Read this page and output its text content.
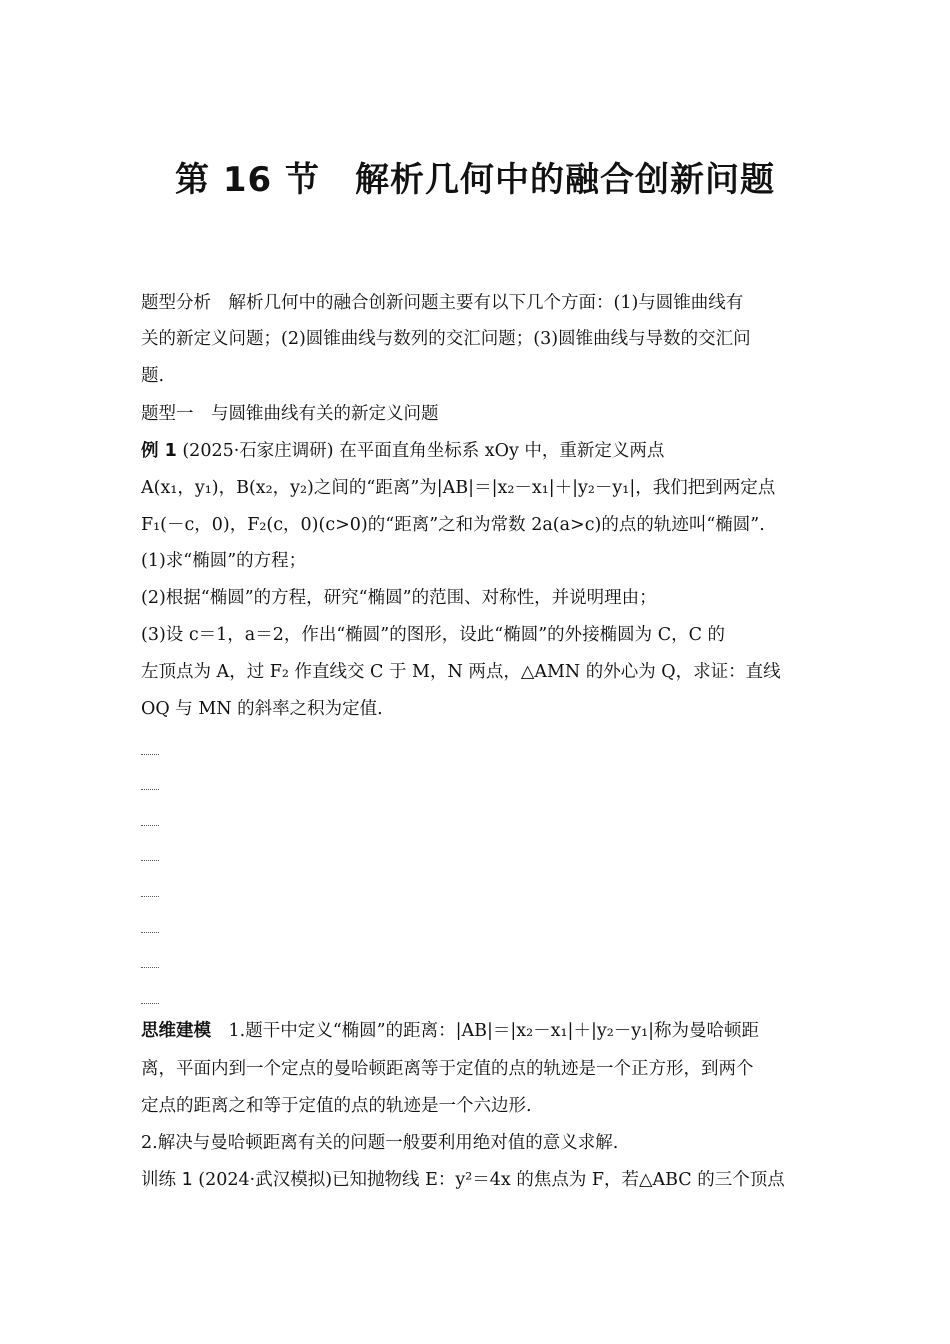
第 16 节　解析几何中的融合创新问题
题型分析　解析几何中的融合创新问题主要有以下几个方面：(1)与圆锥曲线有
关的新定义问题；(2)圆锥曲线与数列的交汇问题；(3)圆锥曲线与导数的交汇问
题.
题型一　与圆锥曲线有关的新定义问题
例 1 (2025·石家庄调研) 在平面直角坐标系 xOy 中，重新定义两点
A(x₁，y₁)，B(x₂，y₂)之间的“距离”为|AB|＝|x₂－x₁|＋|y₂－y₁|，我们把到两定点
F₁(－c，0)，F₂(c，0)(c>0)的“距离”之和为常数 2a(a>c)的点的轨迹叫“椭圆”.
(1)求“椭圆”的方程；
(2)根据“椭圆”的方程，研究“椭圆”的范围、对称性，并说明理由；
(3)设 c＝1，a＝2，作出“椭圆”的图形，设此“椭圆”的外接椭圆为 C，C 的
左顶点为 A，过 F₂ 作直线交 C 于 M，N 两点，△AMN 的外心为 Q，求证：直线
OQ 与 MN 的斜率之积为定值.
思维建模　1.题干中定义“椭圆”的距离：|AB|＝|x₂－x₁|＋|y₂－y₁|称为曼哈顿距
离，平面内到一个定点的曼哈顿距离等于定值的点的轨迹是一个正方形，到两个
定点的距离之和等于定值的点的轨迹是一个六边形.
2.解决与曼哈顿距离有关的问题一般要利用绝对值的意义求解.
训练 1 (2024·武汉模拟)已知抛物线 E：y²＝4x 的焦点为 F，若△ABC 的三个顶点
